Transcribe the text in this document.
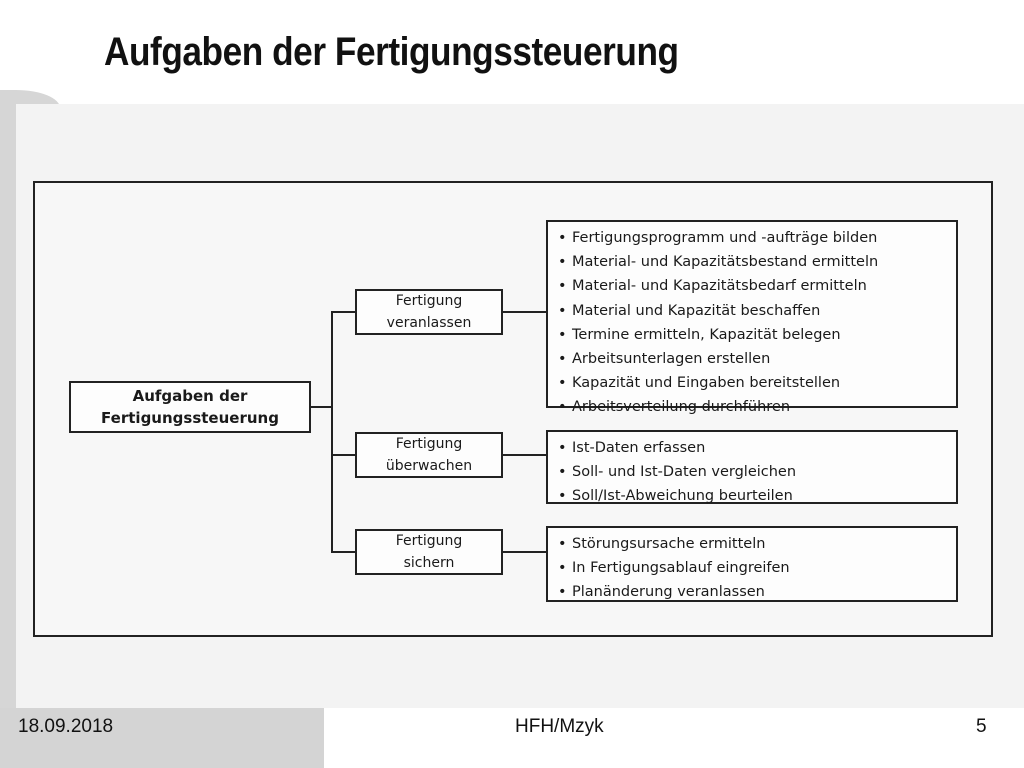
Aufgaben der Fertigungssteuerung
Aufgaben der
Fertigungssteuerung
Fertigung
veranlassen
Fertigung
überwachen
Fertigung
sichern
• Fertigungsprogramm und -aufträge bilden
• Material- und Kapazitätsbestand ermitteln
• Material- und Kapazitätsbedarf ermitteln
• Material und Kapazität beschaffen
• Termine ermitteln, Kapazität belegen
• Arbeitsunterlagen erstellen
• Kapazität und Eingaben bereitstellen
• Arbeitsverteilung durchführen
• Ist-Daten erfassen
• Soll- und Ist-Daten vergleichen
• Soll/Ist-Abweichung beurteilen
• Störungsursache ermitteln
• In Fertigungsablauf eingreifen
• Planänderung veranlassen
18.09.2018	HFH/Mzyk	5
